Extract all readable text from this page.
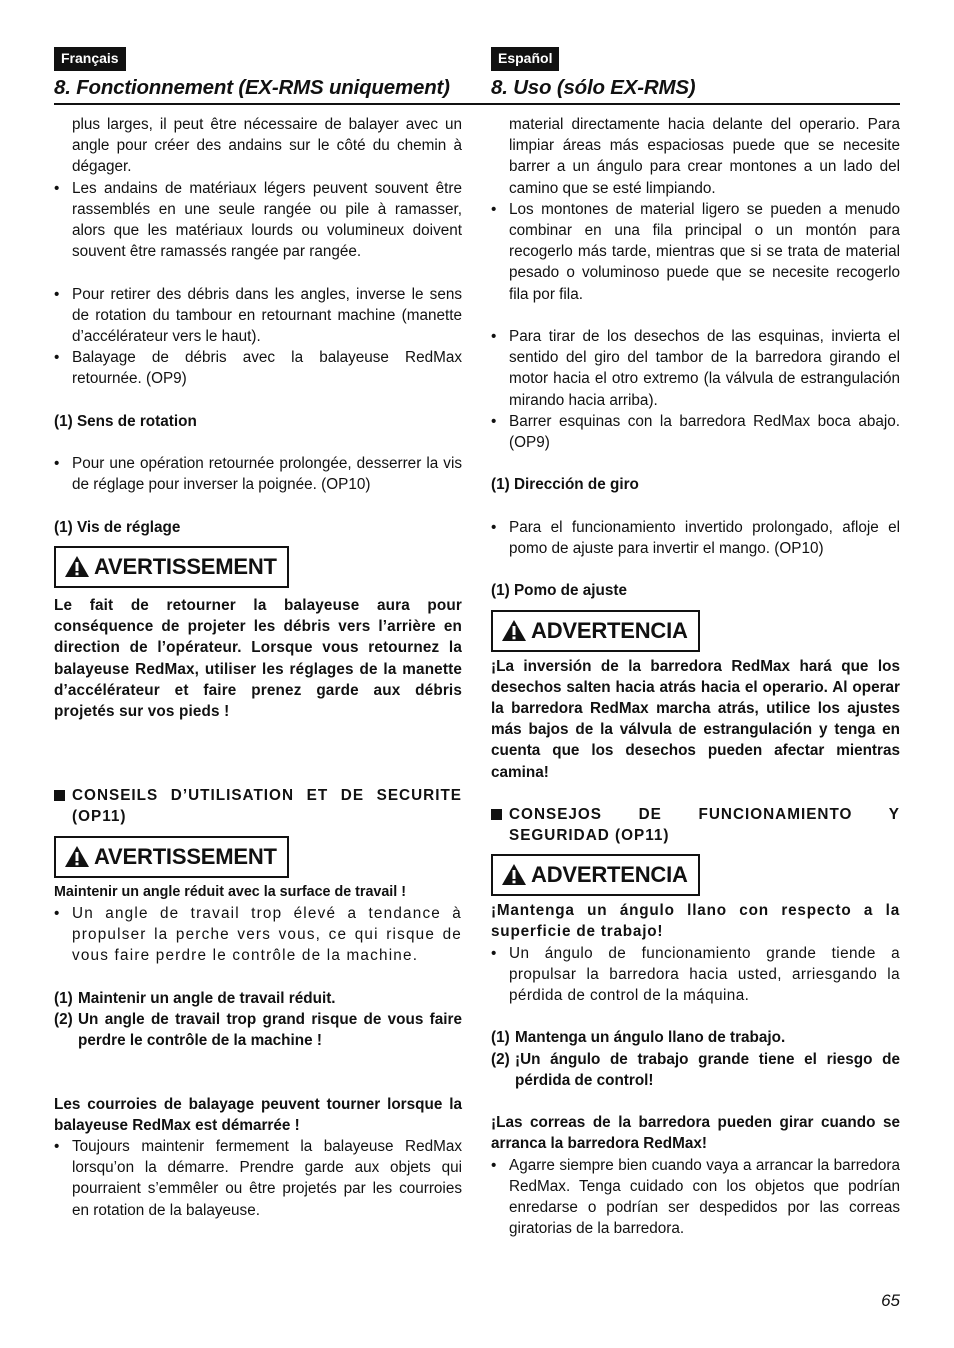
Français
8. Fonctionnement (EX-RMS uniquement)

plus larges, il peut être nécessaire de balayer avec un angle pour créer des andains sur le côté du chemin à dégager.

• Les andains de matériaux légers peuvent souvent être rassemblés en une seule rangée ou pile à ramasser, alors que les matériaux lourds ou volumineux doivent souvent être ramassés rangée par rangée.

• Pour retirer des débris dans les angles, inverse le sens de rotation du tambour en retournant machine (manette d’accélérateur vers le haut).

• Balayage de débris avec la balayeuse RedMax retournée. (OP9)

(1) Sens de rotation

• Pour une opération retournée prolongée, desserrer la vis de réglage pour inverser la poignée. (OP10)

(1) Vis de réglage

AVERTISSEMENT

Le fait de retourner la balayeuse aura pour conséquence de projeter les débris vers l’arrière en direction de l’opérateur. Lorsque vous retournez la balayeuse RedMax, utiliser les réglages de la manette d’accélérateur et faire prenez garde aux débris projetés sur vos pieds !

CONSEILS D’UTILISATION ET DE SECURITE (OP11)
AVERTISSEMENT

Maintenir un angle réduit avec la surface de travail !

• Un angle de travail trop élevé a tendance à propulser la perche vers vous, ce qui risque de vous faire perdre le contrôle de la machine.

(1) Maintenir un angle de travail réduit.
(2) Un angle de travail trop grand risque de vous faire perdre le contrôle de la machine !

Les courroies de balayage peuvent tourner lorsque la balayeuse RedMax est démarrée !

• Toujours maintenir fermement la balayeuse RedMax lorsqu’on la démarre. Prendre garde aux objets qui pourraient s’emmêler ou être projetés par les courroies en rotation de la balayeuse.

Español
8. Uso (sólo EX-RMS)

material directamente hacia delante del operario. Para limpiar áreas más espaciosas puede que se necesite barrer a un ángulo para crear montones a un lado del camino que se esté limpiando.

• Los montones de material ligero se pueden a menudo combinar en una fila principal o un montón para recogerlo más tarde, mientras que si se trata de material pesado o voluminoso puede que se necesite recogerlo fila por fila.

• Para tirar de los desechos de las esquinas, invierta el sentido del giro del tambor de la barredora girando el motor hacia el otro extremo (la válvula de estrangulación mirando hacia arriba).

• Barrer esquinas con la barredora RedMax boca abajo. (OP9)

(1) Dirección de giro

• Para el funcionamiento invertido prolongado, afloje el pomo de ajuste para invertir el mango. (OP10)

(1) Pomo de ajuste

ADVERTENCIA

¡La inversión de la barredora RedMax hará que los desechos salten hacia atrás hacia el operario. Al operar la barredora RedMax marcha atrás, utilice los ajustes más bajos de la válvula de estrangulación y tenga en cuenta que los desechos pueden afectar mientras camina!

CONSEJOS DE FUNCIONAMIENTO Y SEGURIDAD (OP11)
ADVERTENCIA

¡Mantenga un ángulo llano con respecto a la superficie de trabajo!

• Un ángulo de funcionamiento grande tiende a propulsar la barredora hacia usted, arriesgando la pérdida de control de la máquina.

(1) Mantenga un ángulo llano de trabajo.
(2) ¡Un ángulo de trabajo grande tiene el riesgo de pérdida de control!

¡Las correas de la barredora pueden girar cuando se arranca la barredora RedMax!

• Agarre siempre bien cuando vaya a arrancar la barredora RedMax. Tenga cuidado con los objetos que podrían enredarse o podrían ser despedidos por las correas giratorias de la barredora.

65
